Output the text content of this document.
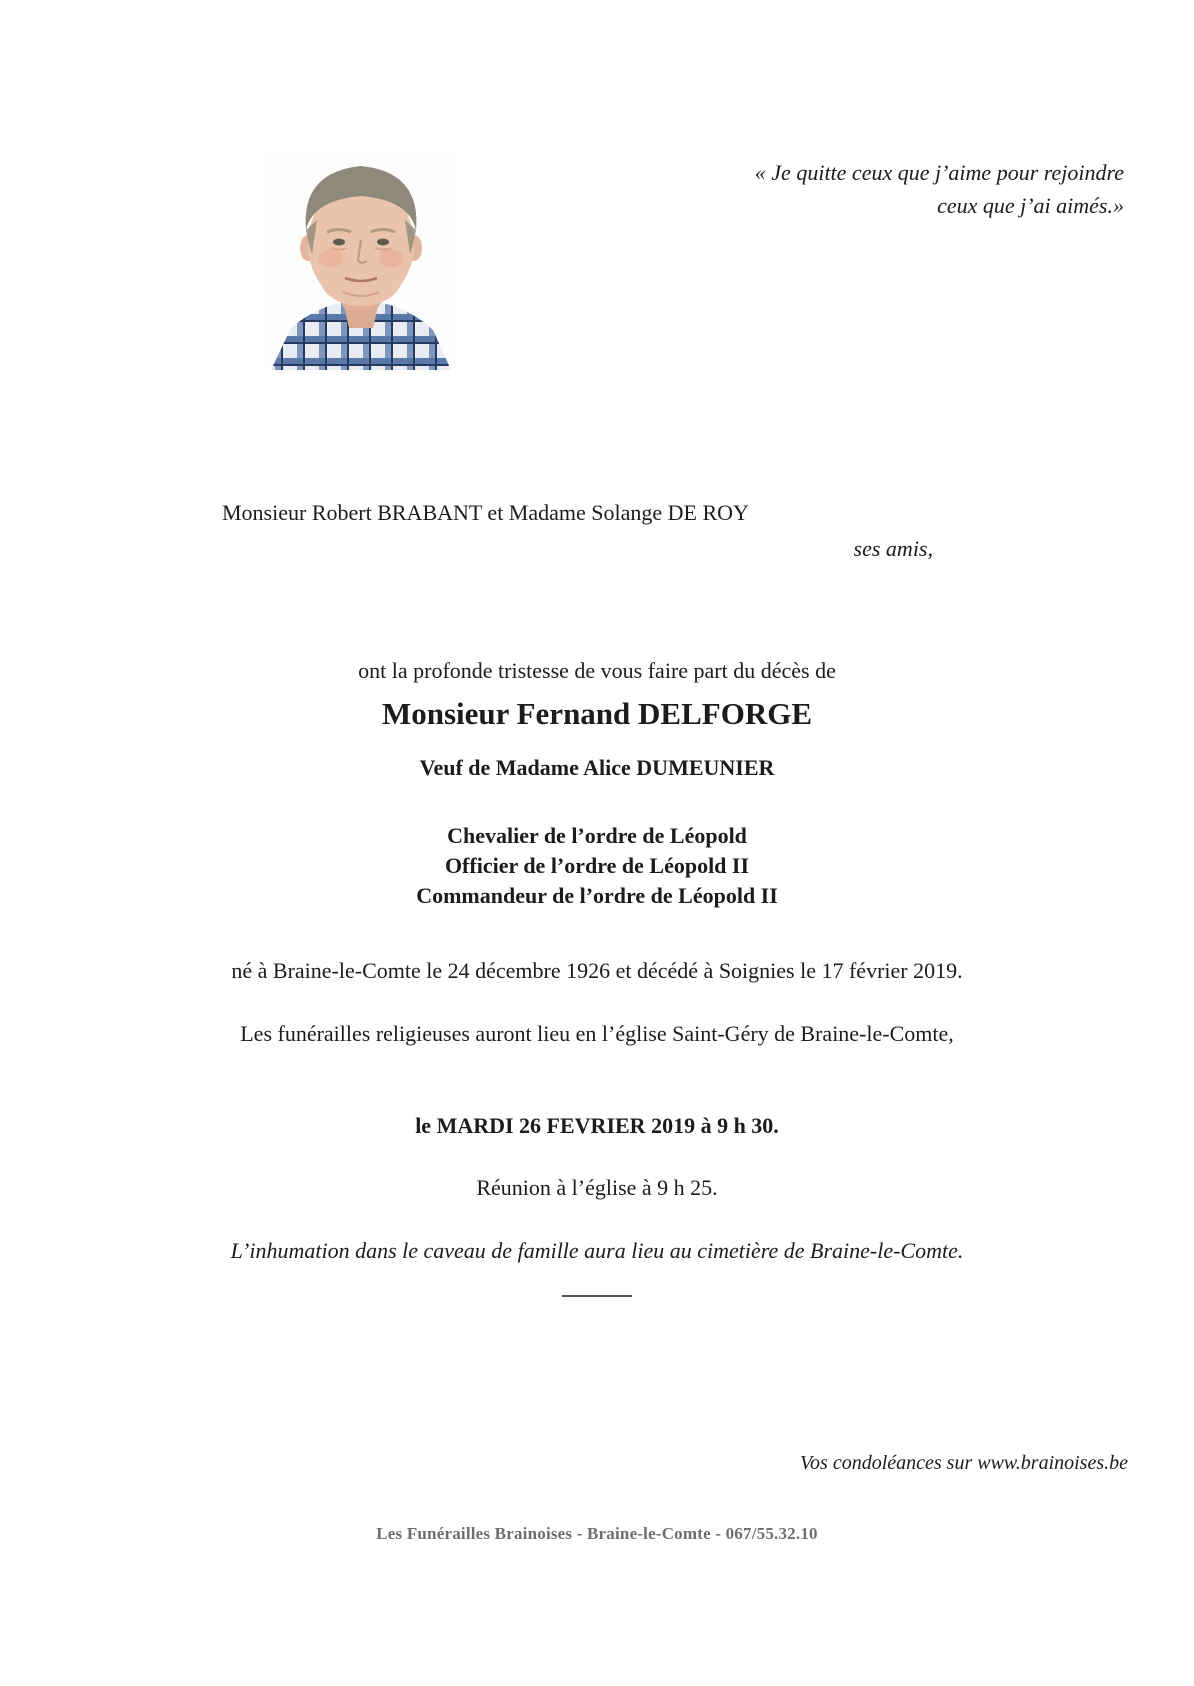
« Je quitte ceux que j’aime pour rejoindre
ceux que j’ai aimés.»
Monsieur Robert BRABANT et Madame Solange DE ROY
ses amis,
ont la profonde tristesse de vous faire part du décès de
Monsieur Fernand DELFORGE
Veuf de Madame Alice DUMEUNIER
Chevalier de l’ordre de Léopold
Officier de l’ordre de Léopold II
Commandeur de l’ordre de Léopold II
né à Braine-le-Comte le 24 décembre 1926 et décédé à Soignies le 17 février 2019.
Les funérailles religieuses auront lieu en l’église Saint-Géry de Braine-le-Comte,
le MARDI 26 FEVRIER 2019 à 9 h 30.
Réunion à l’église à 9 h 25.
L’inhumation dans le caveau de famille aura lieu au cimetière de Braine-le-Comte.
Vos condoléances sur www.brainoises.be
Les Funérailles Brainoises - Braine-le-Comte - 067/55.32.10
